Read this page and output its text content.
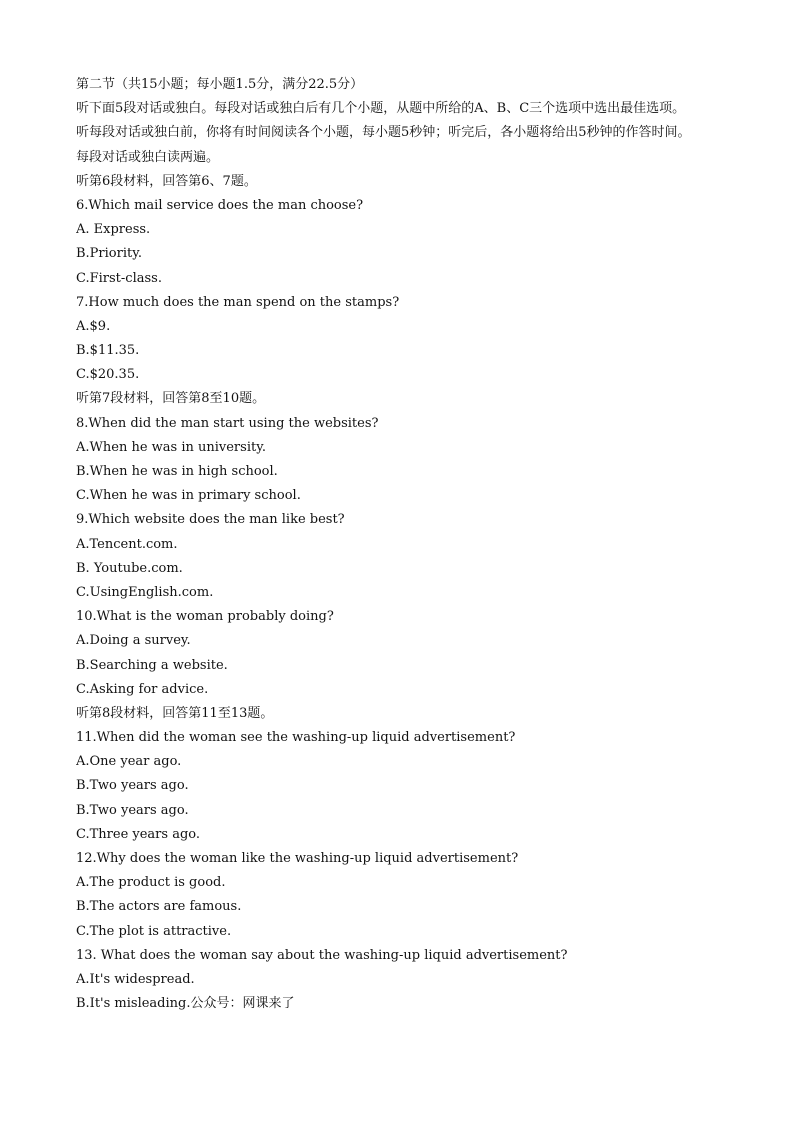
第二节（共15小题；每小题1.5分，满分22.5分）
听下面5段对话或独白。每段对话或独白后有几个小题，从题中所给的A、B、C三个选项中选出最佳选项。
听每段对话或独白前，你将有时间阅读各个小题，每小题5秒钟；听完后，各小题将给出5秒钟的作答时间。
每段对话或独白读两遍。
听第6段材料，回答第6、7题。
6.Which mail service does the man choose?
A. Express.
B.Priority.
C.First-class.
7.How much does the man spend on the stamps?
A.$9.
B.$11.35.
C.$20.35.
听第7段材料，回答第8至10题。
8.When did the man start using the websites?
A.When he was in university.
B.When he was in high school.
C.When he was in primary school.
9.Which website does the man like best?
A.Tencent.com.
B. Youtube.com.
C.UsingEnglish.com.
10.What is the woman probably doing?
A.Doing a survey.
B.Searching a website.
C.Asking for advice.
听第8段材料，回答第11至13题。
11.When did the woman see the washing-up liquid advertisement?
A.One year ago.
B.Two years ago.
B.Two years ago.
C.Three years ago.
12.Why does the woman like the washing-up liquid advertisement?
A.The product is good.
B.The actors are famous.
C.The plot is attractive.
13. What does the woman say about the washing-up liquid advertisement?
A.It's widespread.
B.It's misleading.公众号：网课来了
